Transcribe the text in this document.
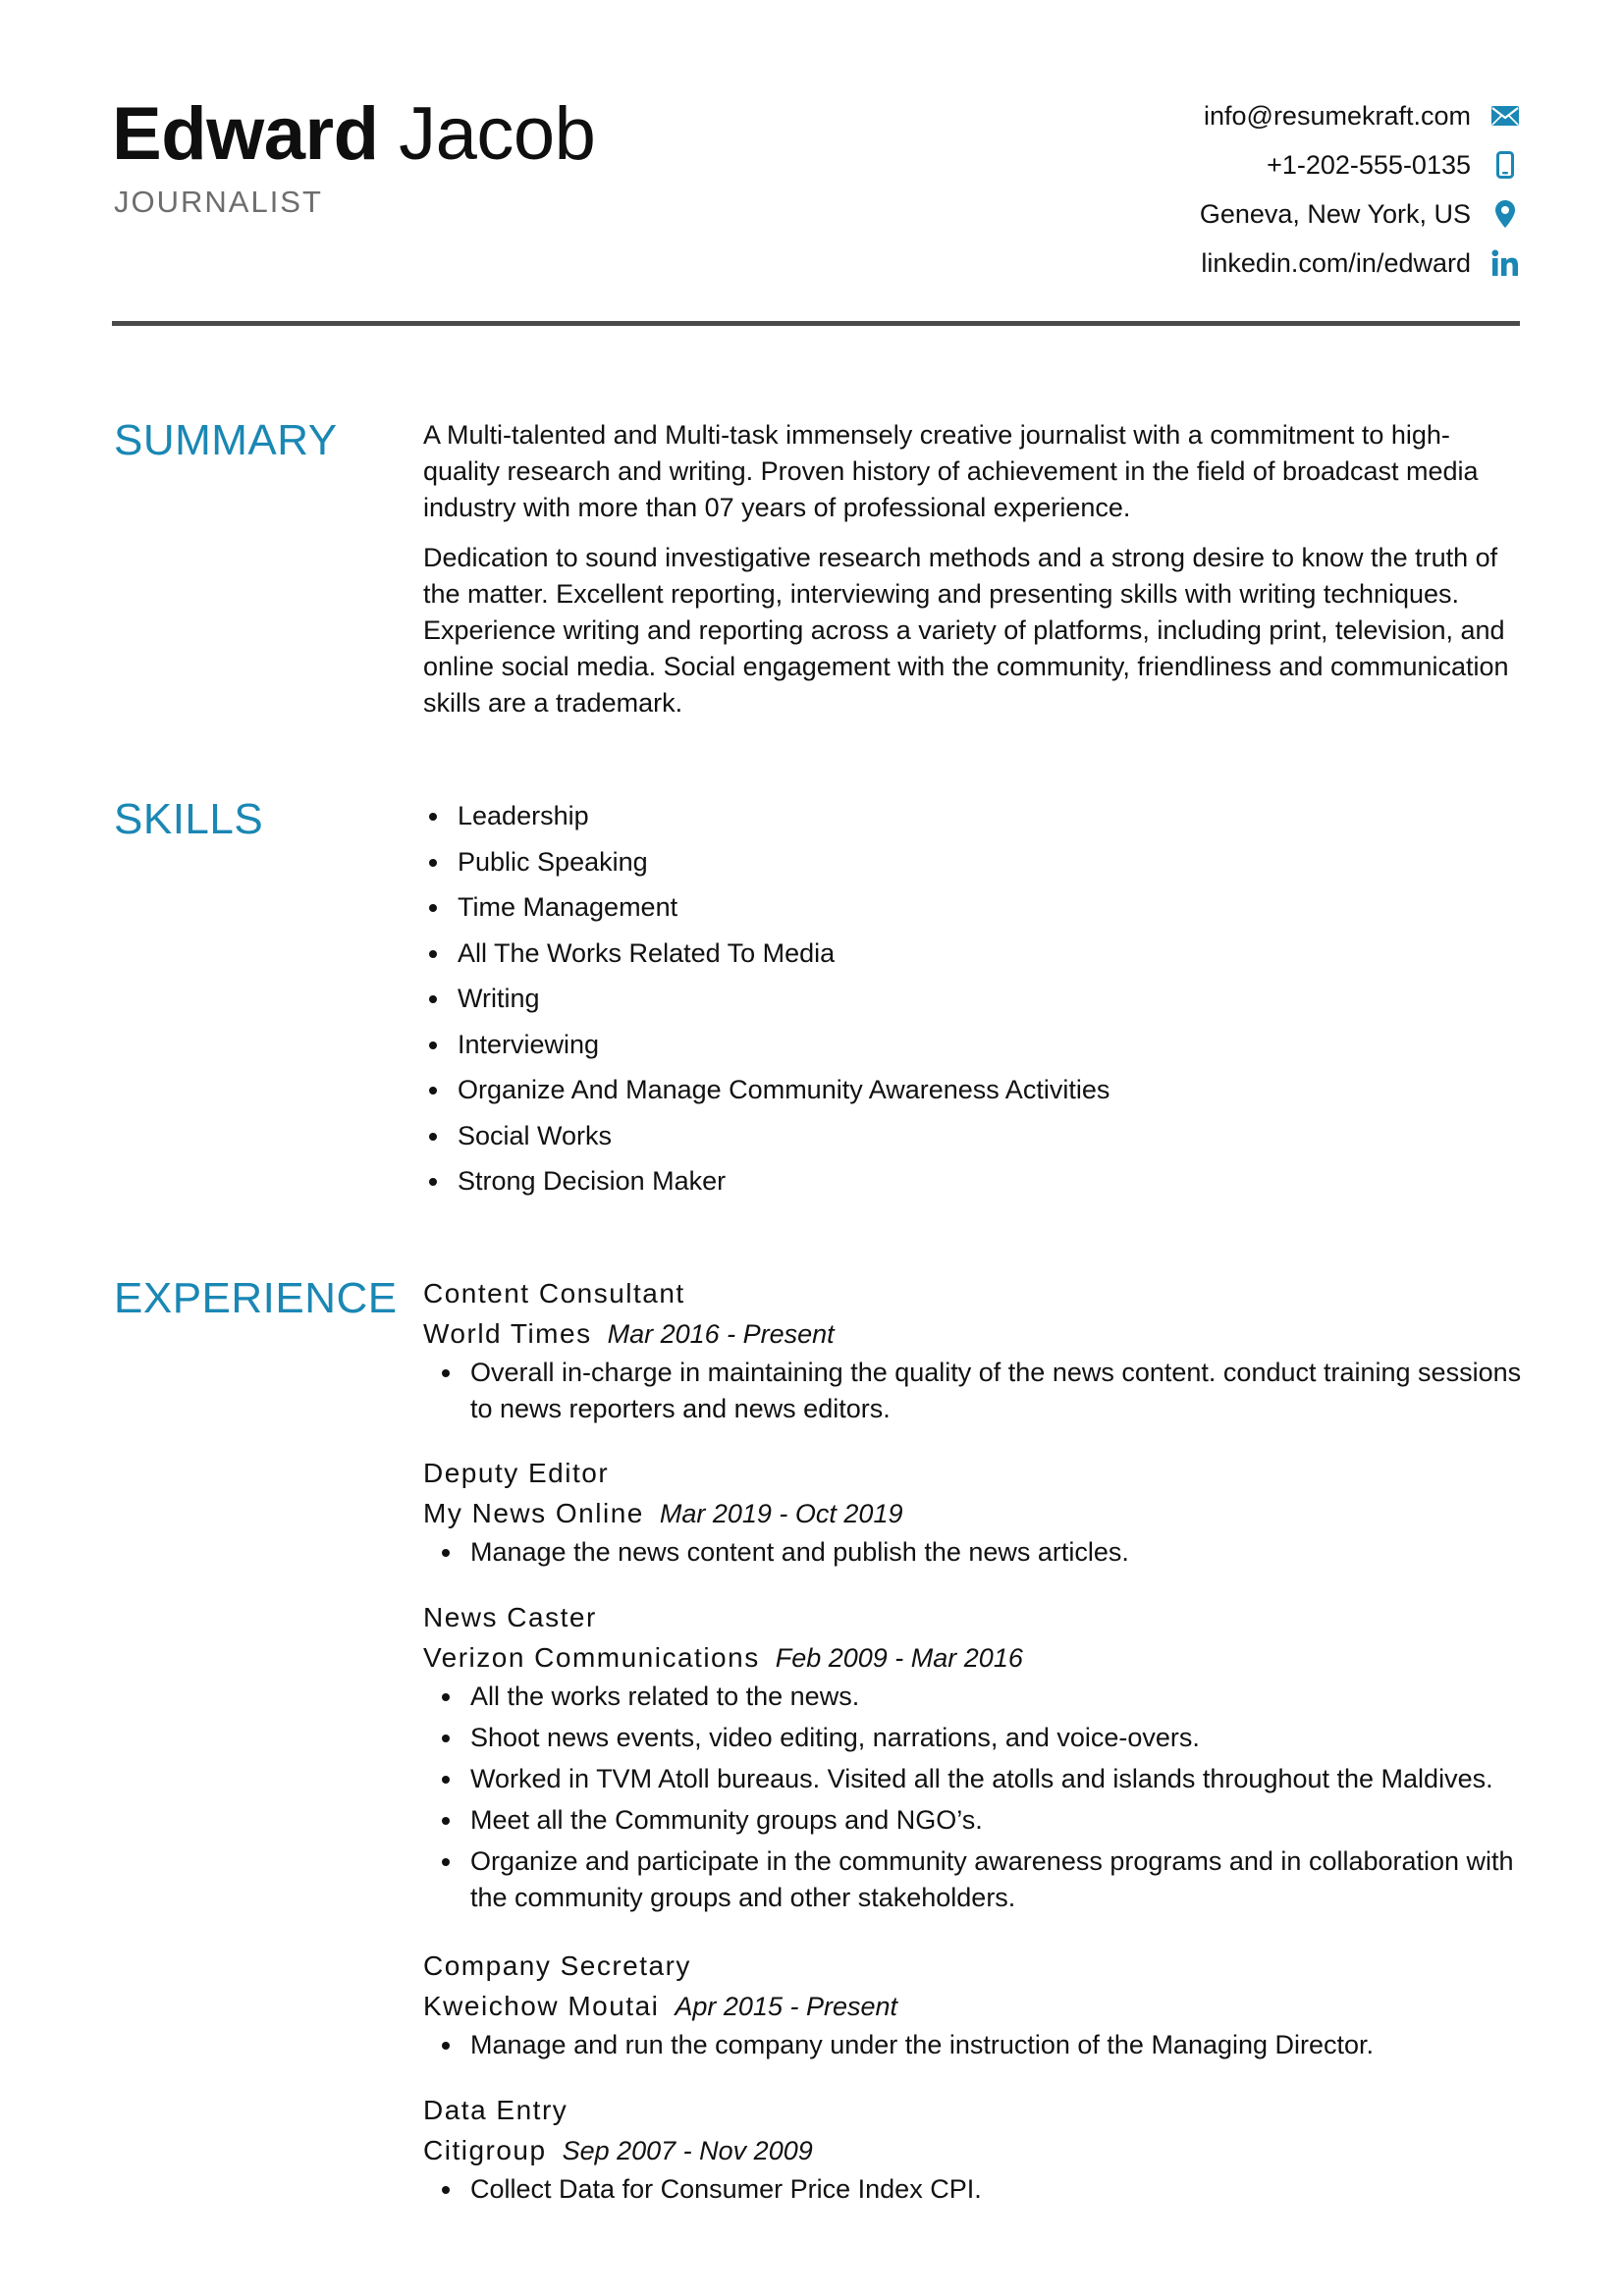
Edward Jacob
JOURNALIST
info@resumekraft.com
+1-202-555-0135
Geneva, New York, US
linkedin.com/in/edward
SUMMARY	A Multi-talented and Multi-task immensely creative journalist with a commitment to high-quality research and writing. Proven history of achievement in the field of broadcast media industry with more than 07 years of professional experience.

Dedication to sound investigative research methods and a strong desire to know the truth of the matter. Excellent reporting, interviewing and presenting skills with writing techniques. Experience writing and reporting across a variety of platforms, including print, television, and online social media. Social engagement with the community, friendliness and communication skills are a trademark.

SKILLS	Leadership
Public Speaking
Time Management
All The Works Related To Media
Writing
Interviewing
Organize And Manage Community Awareness Activities
Social Works
Strong Decision Maker
EXPERIENCE Content Consultant
World Times Mar 2016 - Present
Overall in-charge in maintaining the quality of the news content. conduct training sessions to news reporters and news editors.
Deputy Editor
My News Online Mar 2019 - Oct 2019
Manage the news content and publish the news articles.
News Caster
Verizon Communications Feb 2009 - Mar 2016
All the works related to the news.
Shoot news events, video editing, narrations, and voice-overs.
Worked in TVM Atoll bureaus. Visited all the atolls and islands throughout the Maldives.
Meet all the Community groups and NGO’s.
Organize and participate in the community awareness programs and in collaboration with the community groups and other stakeholders.
Company Secretary
Kweichow Moutai Apr 2015 - Present
Manage and run the company under the instruction of the Managing Director.
Data Entry
Citigroup Sep 2007 - Nov 2009
Collect Data for Consumer Price Index CPI.
